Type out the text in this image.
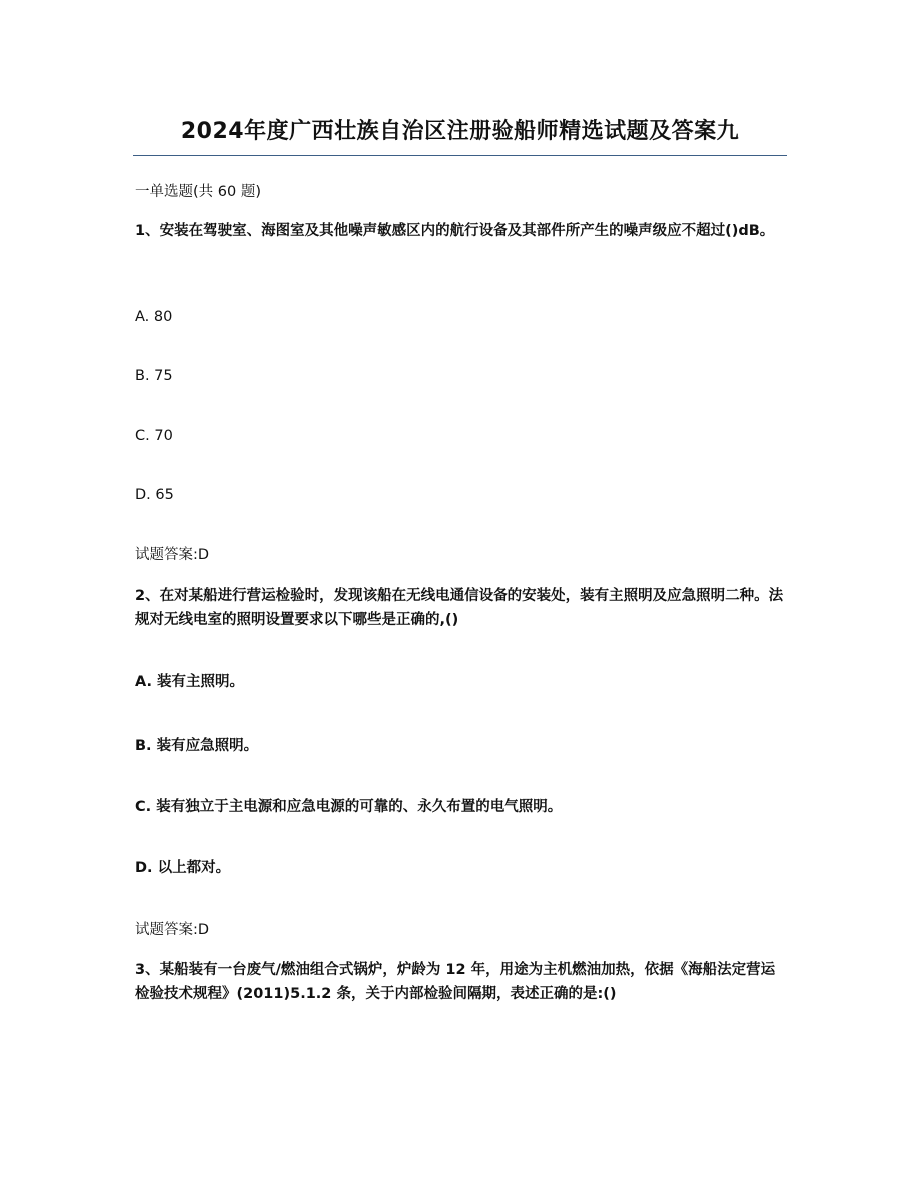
2024年度广西壮族自治区注册验船师精选试题及答案九
一单选题(共 60 题)
1、安装在驾驶室、海图室及其他噪声敏感区内的航行设备及其部件所产生的噪声级应不超过()dB。
A. 80
B. 75
C. 70
D. 65
试题答案:D
2、在对某船进行营运检验时，发现该船在无线电通信设备的安装处，装有主照明及应急照明二种。法规对无线电室的照明设置要求以下哪些是正确的,()
A. 装有主照明。
B. 装有应急照明。
C. 装有独立于主电源和应急电源的可靠的、永久布置的电气照明。
D. 以上都对。
试题答案:D
3、某船装有一台废气/燃油组合式锅炉，炉龄为 12 年，用途为主机燃油加热，依据《海船法定营运检验技术规程》(2011)5.1.2 条，关于内部检验间隔期，表述正确的是:()
